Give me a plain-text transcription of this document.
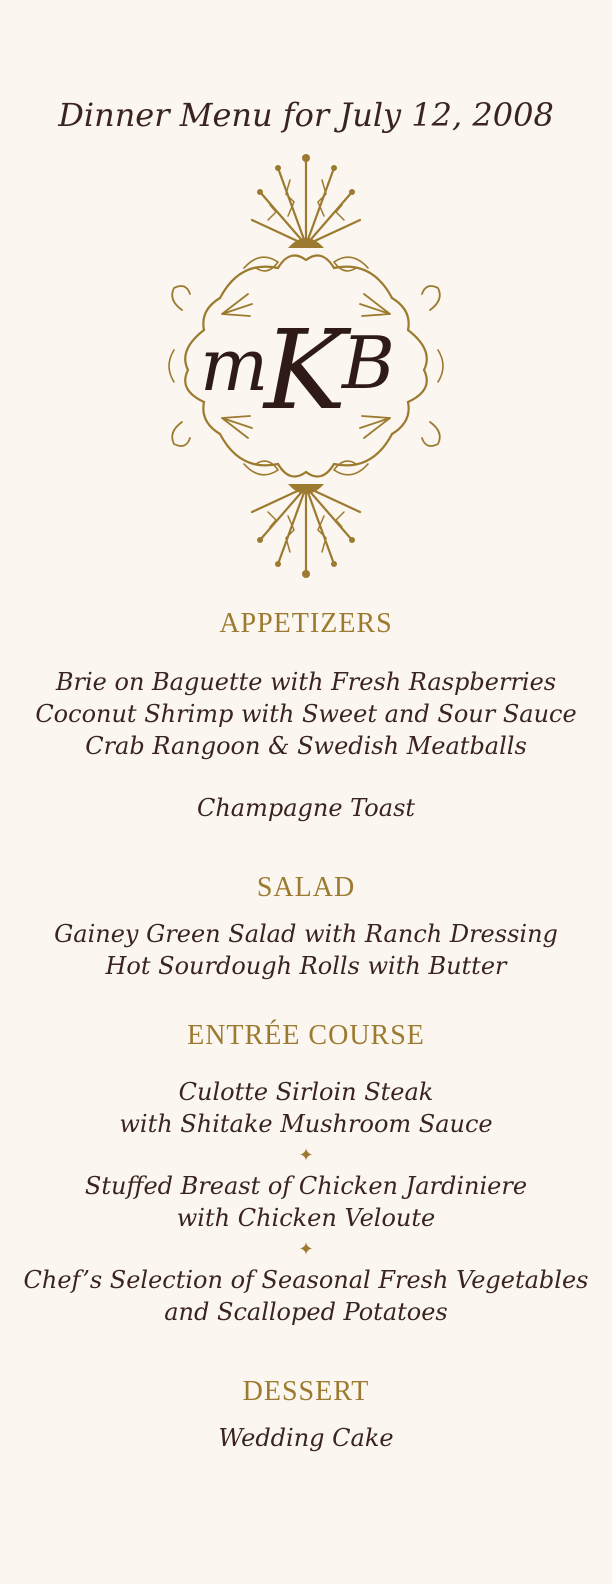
Dinner Menu for July 12, 2008
m
K
B
APPETIZERS

Brie on Baguette with Fresh Raspberries

Coconut Shrimp with Sweet and Sour Sauce

Crab Rangoon & Swedish Meatballs

Champagne Toast

SALAD

Gainey Green Salad with Ranch Dressing

Hot Sourdough Rolls with Butter

ENTRÉE COURSE

Culotte Sirloin Steak

with Shitake Mushroom Sauce

✦

Stuffed Breast of Chicken Jardiniere

with Chicken Veloute

✦

Chef’s Selection of Seasonal Fresh Vegetables

and Scalloped Potatoes

DESSERT

Wedding Cake
